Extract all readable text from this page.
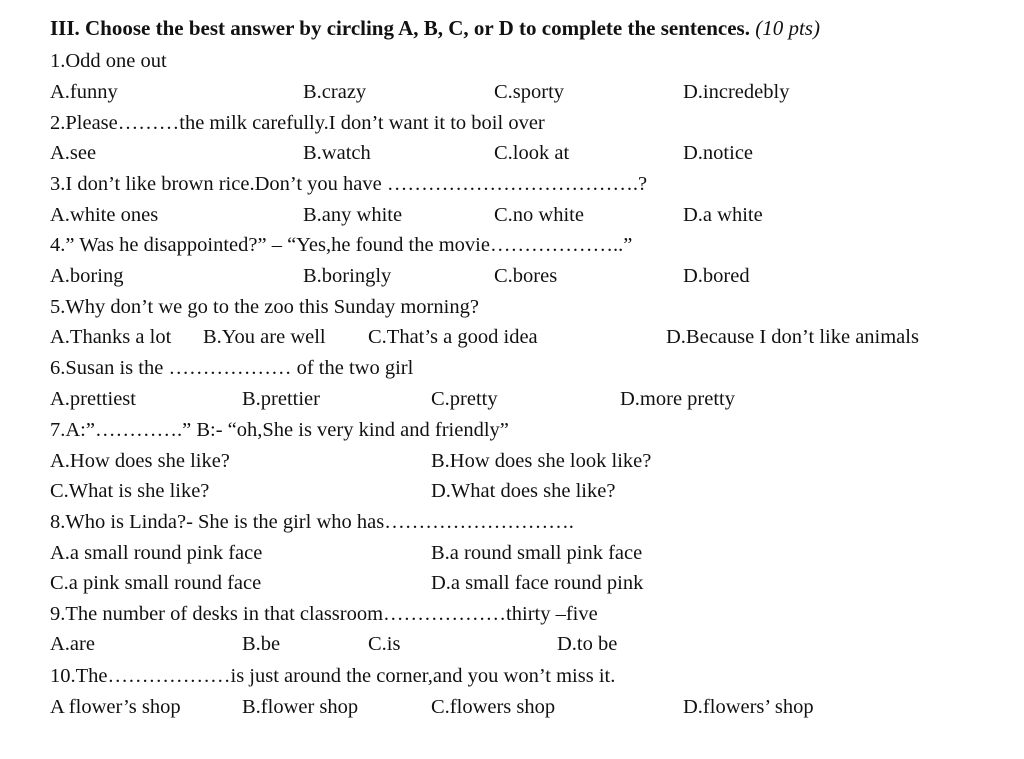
III. Choose the best answer by circling A, B, C, or D to complete the sentences. (10 pts)
1.Odd one out
A.funny	B.crazy	C.sporty	D.incredebly
2.Please………the milk carefully.I don’t want it to boil over
A.see	B.watch	C.look at	D.notice
3.I don’t like brown rice.Don’t you have ……………………………….?
A.white ones	B.any white	C.no white	D.a white
4.” Was he disappointed?” – “Yes,he found the movie………………..”
A.boring	B.boringly	C.bores	D.bored
5.Why don’t we go to the zoo this Sunday morning?
A.Thanks a lot B.You are well C.That’s a good idea	D.Because I don’t like animals
6.Susan is the ……………… of the two girl
A.prettiest	B.prettier	C.pretty	D.more pretty
7.A:”………….” B:- “oh,She is very kind and friendly”
A.How does she like?	B.How does she look like?
C.What is she like?	D.What does she like?
8.Who is Linda?- She is the girl who has……………………….
A.a small round pink face	B.a round small pink face
C.a pink small round face	D.a small face round pink
9.The number of desks in that classroom………………thirty –five
A.are	B.be	C.is	D.to be
10.The………………is just around the corner,and you won’t miss it.
A flower’s shop	B.flower shop	C.flowers shop	D.flowers’ shop
